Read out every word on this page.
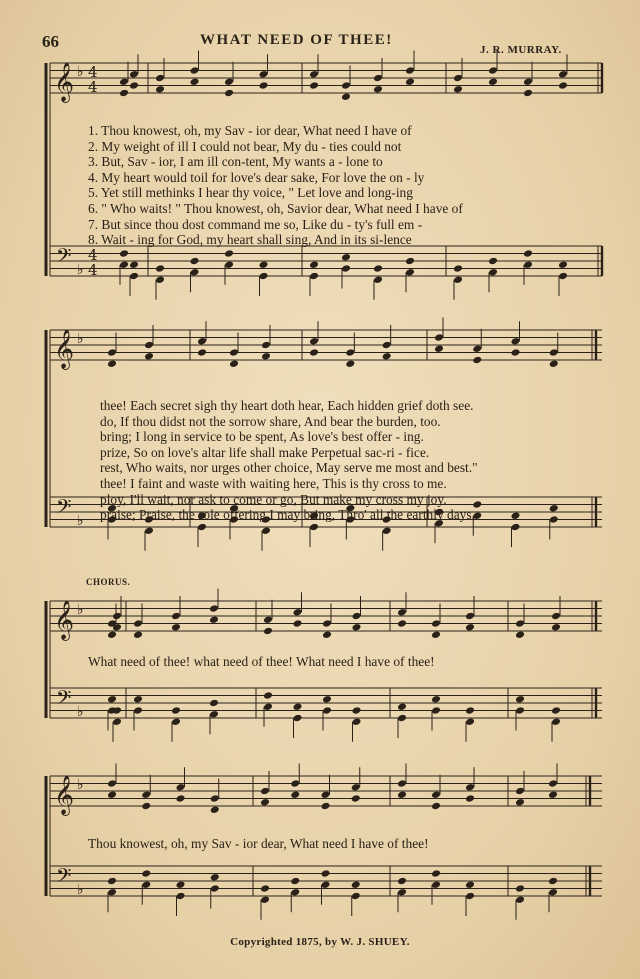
66	WHAT NEED OF THEE!
J. R. MURRAY.
𝄞 ♭ 4
4
𝄢 ♭
4
4
𝄞 ♭
𝄢 ♭
𝄞 ♭
𝄢 ♭
𝄞 ♭
𝄢 ♭
1. Thou knowest, oh, my Sav - ior dear, What need I have of
2. My weight of ill I could not bear, My du - ties could not
3. But, Sav - ior, I am ill con-tent, My wants a - lone to
4. My heart would toil for love's dear sake, For love the on - ly
5. Yet still methinks I hear thy voice, " Let love and long-ing
6. " Who waits! " Thou knowest, oh, Savior dear, What need I have of
7. But since thou dost command me so, Like du - ty's full em -
8. Wait - ing for God, my heart shall sing, And in its si-lence
thee! Each secret sigh thy heart doth hear, Each hidden grief doth see.
do, If thou didst not the sorrow share, And bear the burden, too.
bring; I long in service to be spent, As love's best offer - ing.
prize, So on love's altar life shall make Perpetual sac-ri - fice.
rest, Who waits, nor urges other choice, May serve me most and best."
thee! I faint and waste with waiting here, This is thy cross to me.
ploy, I'll wait, nor ask to come or go, But make my cross my joy.
praise; Praise, the sole offering I may bring, Thro' all the earthly days.
CHORUS.
What need of thee! what need of thee! What need I have of thee!
Thou knowest, oh, my Sav - ior dear, What need I have of thee!
Copyrighted 1875, by W. J. SHUEY.
